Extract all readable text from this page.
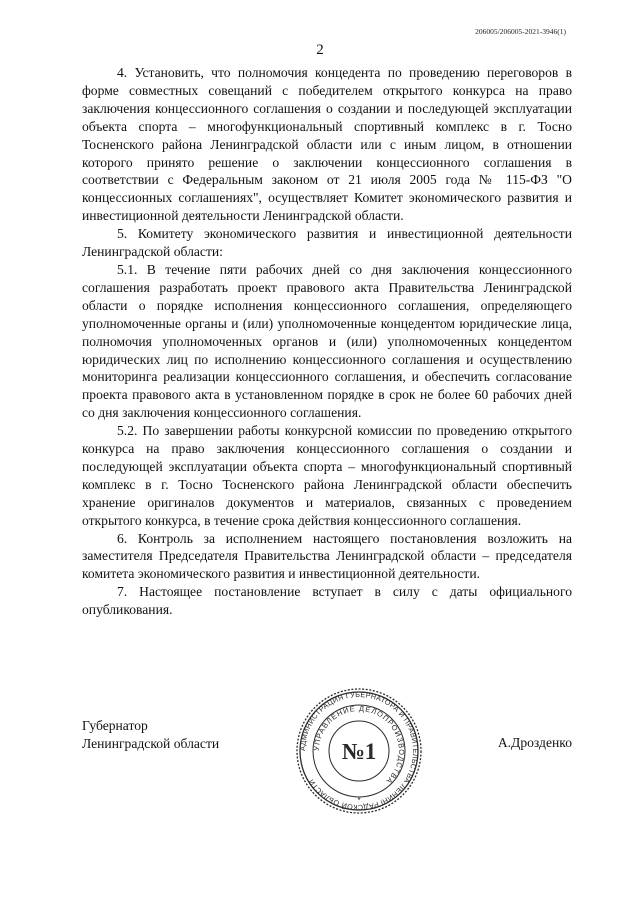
206005/206005-2021-3946(1)
2

4. Установить, что полномочия концедента по проведению переговоров в форме совместных совещаний с победителем открытого конкурса на право заключения концессионного соглашения о создании и последующей эксплуатации объекта спорта – многофункциональный спортивный комплекс в г. Тосно Тосненского района Ленинградской области или с иным лицом, в отношении которого принято решение о заключении концессионного соглашения в соответствии с Федеральным законом от 21 июля 2005 года № 115-ФЗ "О концессионных соглашениях", осуществляет Комитет экономического развития и инвестиционной деятельности Ленинградской области.

5. Комитету экономического развития и инвестиционной деятельности Ленинградской области:

5.1. В течение пяти рабочих дней со дня заключения концессионного соглашения разработать проект правового акта Правительства Ленинградской области о порядке исполнения концессионного соглашения, определяющего уполномоченные органы и (или) уполномоченные концедентом юридические лица, полномочия уполномоченных органов и (или) уполномоченных концедентом юридических лиц по исполнению концессионного соглашения и осуществлению мониторинга реализации концессионного соглашения, и обеспечить согласование проекта правового акта в установленном порядке в срок не более 60 рабочих дней со дня заключения концессионного соглашения.

5.2. По завершении работы конкурсной комиссии по проведению открытого конкурса на право заключения концессионного соглашения о создании и последующей эксплуатации объекта спорта – многофункциональный спортивный комплекс в г. Тосно Тосненского района Ленинградской области обеспечить хранение оригиналов документов и материалов, связанных с проведением открытого конкурса, в течение срока действия концессионного соглашения.

6. Контроль за исполнением настоящего постановления возложить на заместителя Председателя Правительства Ленинградской области – председателя комитета экономического развития и инвестиционной деятельности.

7. Настоящее постановление вступает в силу с даты официального опубликования.

Губернатор
Ленинградской области	А.Дрозденко
АДМИНИСТРАЦИЯ ГУБЕРНАТОРА И ПРАВИТЕЛЬСТВА ЛЕНИНГРАДСКОЙ ОБЛАСТИ
УПРАВЛЕНИЕ ДЕЛОПРОИЗВОДСТВА
№1
*
